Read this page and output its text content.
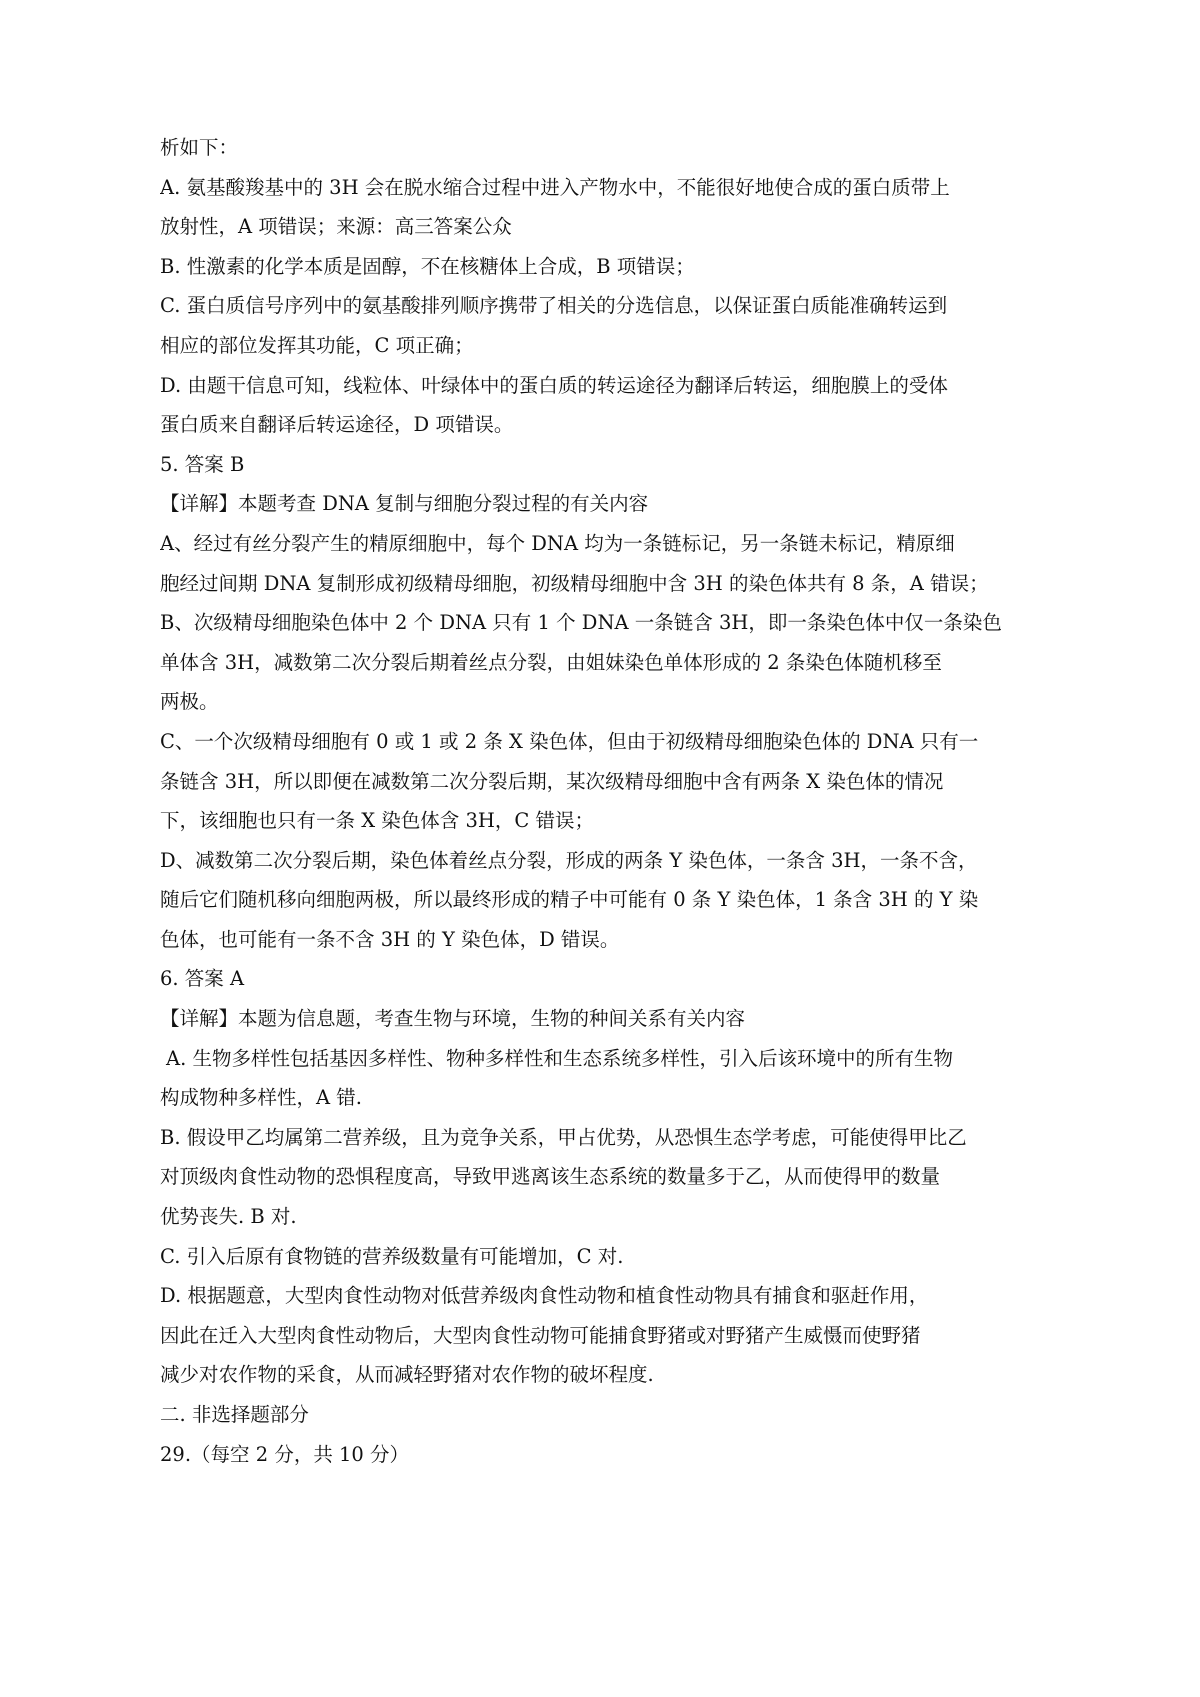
析如下：
A. 氨基酸羧基中的 3H 会在脱水缩合过程中进入产物水中，不能很好地使合成的蛋白质带上
放射性，A 项错误；来源：高三答案公众
B. 性激素的化学本质是固醇，不在核糖体上合成，B 项错误；
C. 蛋白质信号序列中的氨基酸排列顺序携带了相关的分选信息，以保证蛋白质能准确转运到
相应的部位发挥其功能，C 项正确；
D. 由题干信息可知，线粒体、叶绿体中的蛋白质的转运途径为翻译后转运，细胞膜上的受体
蛋白质来自翻译后转运途径，D 项错误。
5. 答案 B
【详解】本题考查 DNA 复制与细胞分裂过程的有关内容
A、经过有丝分裂产生的精原细胞中，每个 DNA 均为一条链标记，另一条链未标记，精原细
胞经过间期 DNA 复制形成初级精母细胞，初级精母细胞中含 3H 的染色体共有 8 条，A 错误；
B、次级精母细胞染色体中 2 个 DNA 只有 1 个 DNA 一条链含 3H，即一条染色体中仅一条染色
单体含 3H，减数第二次分裂后期着丝点分裂，由姐妹染色单体形成的 2 条染色体随机移至
两极。
C、一个次级精母细胞有 0 或 1 或 2 条 X 染色体，但由于初级精母细胞染色体的 DNA 只有一
条链含 3H，所以即便在减数第二次分裂后期，某次级精母细胞中含有两条 X 染色体的情况
下，该细胞也只有一条 X 染色体含 3H，C 错误；
D、减数第二次分裂后期，染色体着丝点分裂，形成的两条 Y 染色体，一条含 3H，一条不含，
随后它们随机移向细胞两极，所以最终形成的精子中可能有 0 条 Y 染色体，1 条含 3H 的 Y 染
色体，也可能有一条不含 3H 的 Y 染色体，D 错误。
6. 答案 A
【详解】本题为信息题，考查生物与环境，生物的种间关系有关内容
A. 生物多样性包括基因多样性、物种多样性和生态系统多样性，引入后该环境中的所有生物
构成物种多样性，A 错.
B. 假设甲乙均属第二营养级，且为竞争关系，甲占优势，从恐惧生态学考虑，可能使得甲比乙
对顶级肉食性动物的恐惧程度高，导致甲逃离该生态系统的数量多于乙，从而使得甲的数量
优势丧失. B 对.
C. 引入后原有食物链的营养级数量有可能增加，C 对.
D. 根据题意，大型肉食性动物对低营养级肉食性动物和植食性动物具有捕食和驱赶作用，
因此在迁入大型肉食性动物后，大型肉食性动物可能捕食野猪或对野猪产生威慑而使野猪
减少对农作物的采食，从而减轻野猪对农作物的破坏程度.
二. 非选择题部分
29.（每空 2 分，共 10 分）
